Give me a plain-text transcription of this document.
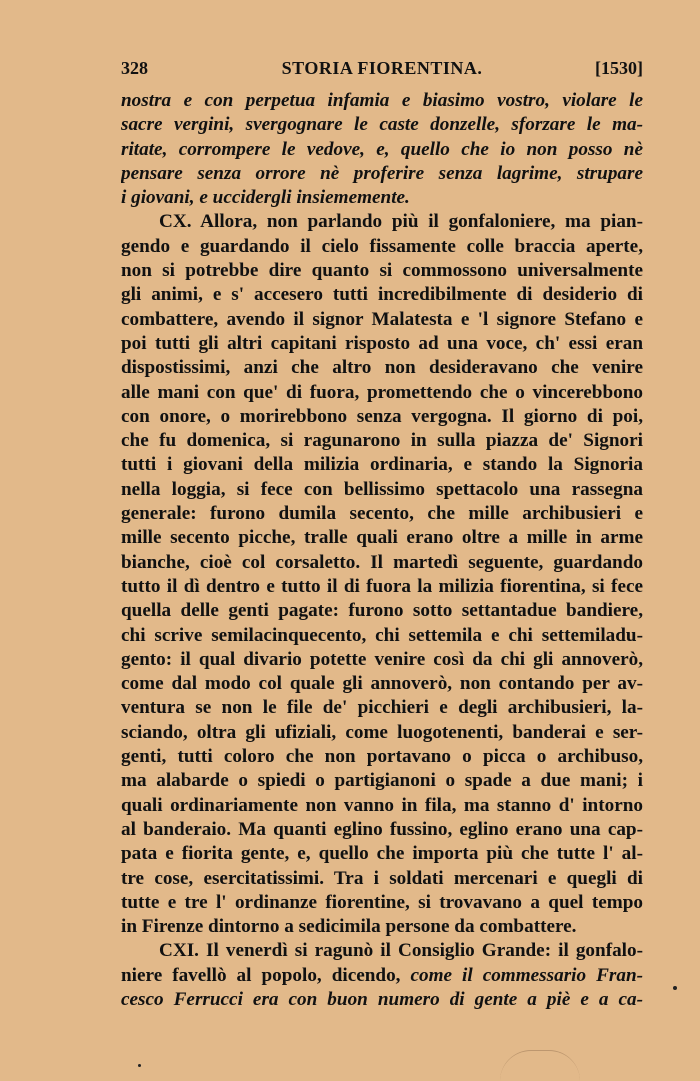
328	STORIA FIORENTINA.	[1530]
nostra e con perpetua infamia e biasimo vostro, violare le
sacre vergini, svergognare le caste donzelle, sforzare le ma-
ritate, corrompere le vedove, e, quello che io non posso nè
pensare senza orrore nè proferire senza lagrime, strupare
i giovani, e uccidergli insiememente.
CX. Allora, non parlando più il gonfaloniere, ma pian-
gendo e guardando il cielo fissamente colle braccia aperte,
non si potrebbe dire quanto si commossono universalmente
gli animi, e s' accesero tutti incredibilmente di desiderio di
combattere, avendo il signor Malatesta e 'l signore Stefano e
poi tutti gli altri capitani risposto ad una voce, ch' essi eran
dispostissimi, anzi che altro non desideravano che venire
alle mani con que' di fuora, promettendo che o vincerebbono
con onore, o morirebbono senza vergogna. Il giorno di poi,
che fu domenica, si ragunarono in sulla piazza de' Signori
tutti i giovani della milizia ordinaria, e stando la Signoria
nella loggia, si fece con bellissimo spettacolo una rassegna
generale: furono dumila secento, che mille archibusieri e
mille secento picche, tralle quali erano oltre a mille in arme
bianche, cioè col corsaletto. Il martedì seguente, guardando
tutto il dì dentro e tutto il di fuora la milizia fiorentina, si fece
quella delle genti pagate: furono sotto settantadue bandiere,
chi scrive semilacinquecento, chi settemila e chi settemiladu-
gento: il qual divario potette venire così da chi gli annoverò,
come dal modo col quale gli annoverò, non contando per av-
ventura se non le file de' picchieri e degli archibusieri, la-
sciando, oltra gli ufiziali, come luogotenenti, banderai e ser-
genti, tutti coloro che non portavano o picca o archibuso,
ma alabarde o spiedi o partigianoni o spade a due mani; i
quali ordinariamente non vanno in fila, ma stanno d' intorno
al banderaio. Ma quanti eglino fussino, eglino erano una cap-
pata e fiorita gente, e, quello che importa più che tutte l' al-
tre cose, esercitatissimi. Tra i soldati mercenari e quegli di
tutte e tre l' ordinanze fiorentine, si trovavano a quel tempo
in Firenze dintorno a sedicimila persone da combattere.
CXI. Il venerdì si ragunò il Consiglio Grande: il gonfalo-
niere favellò al popolo, dicendo, come il commessario Fran-
cesco Ferrucci era con buon numero di gente a piè e a ca-
